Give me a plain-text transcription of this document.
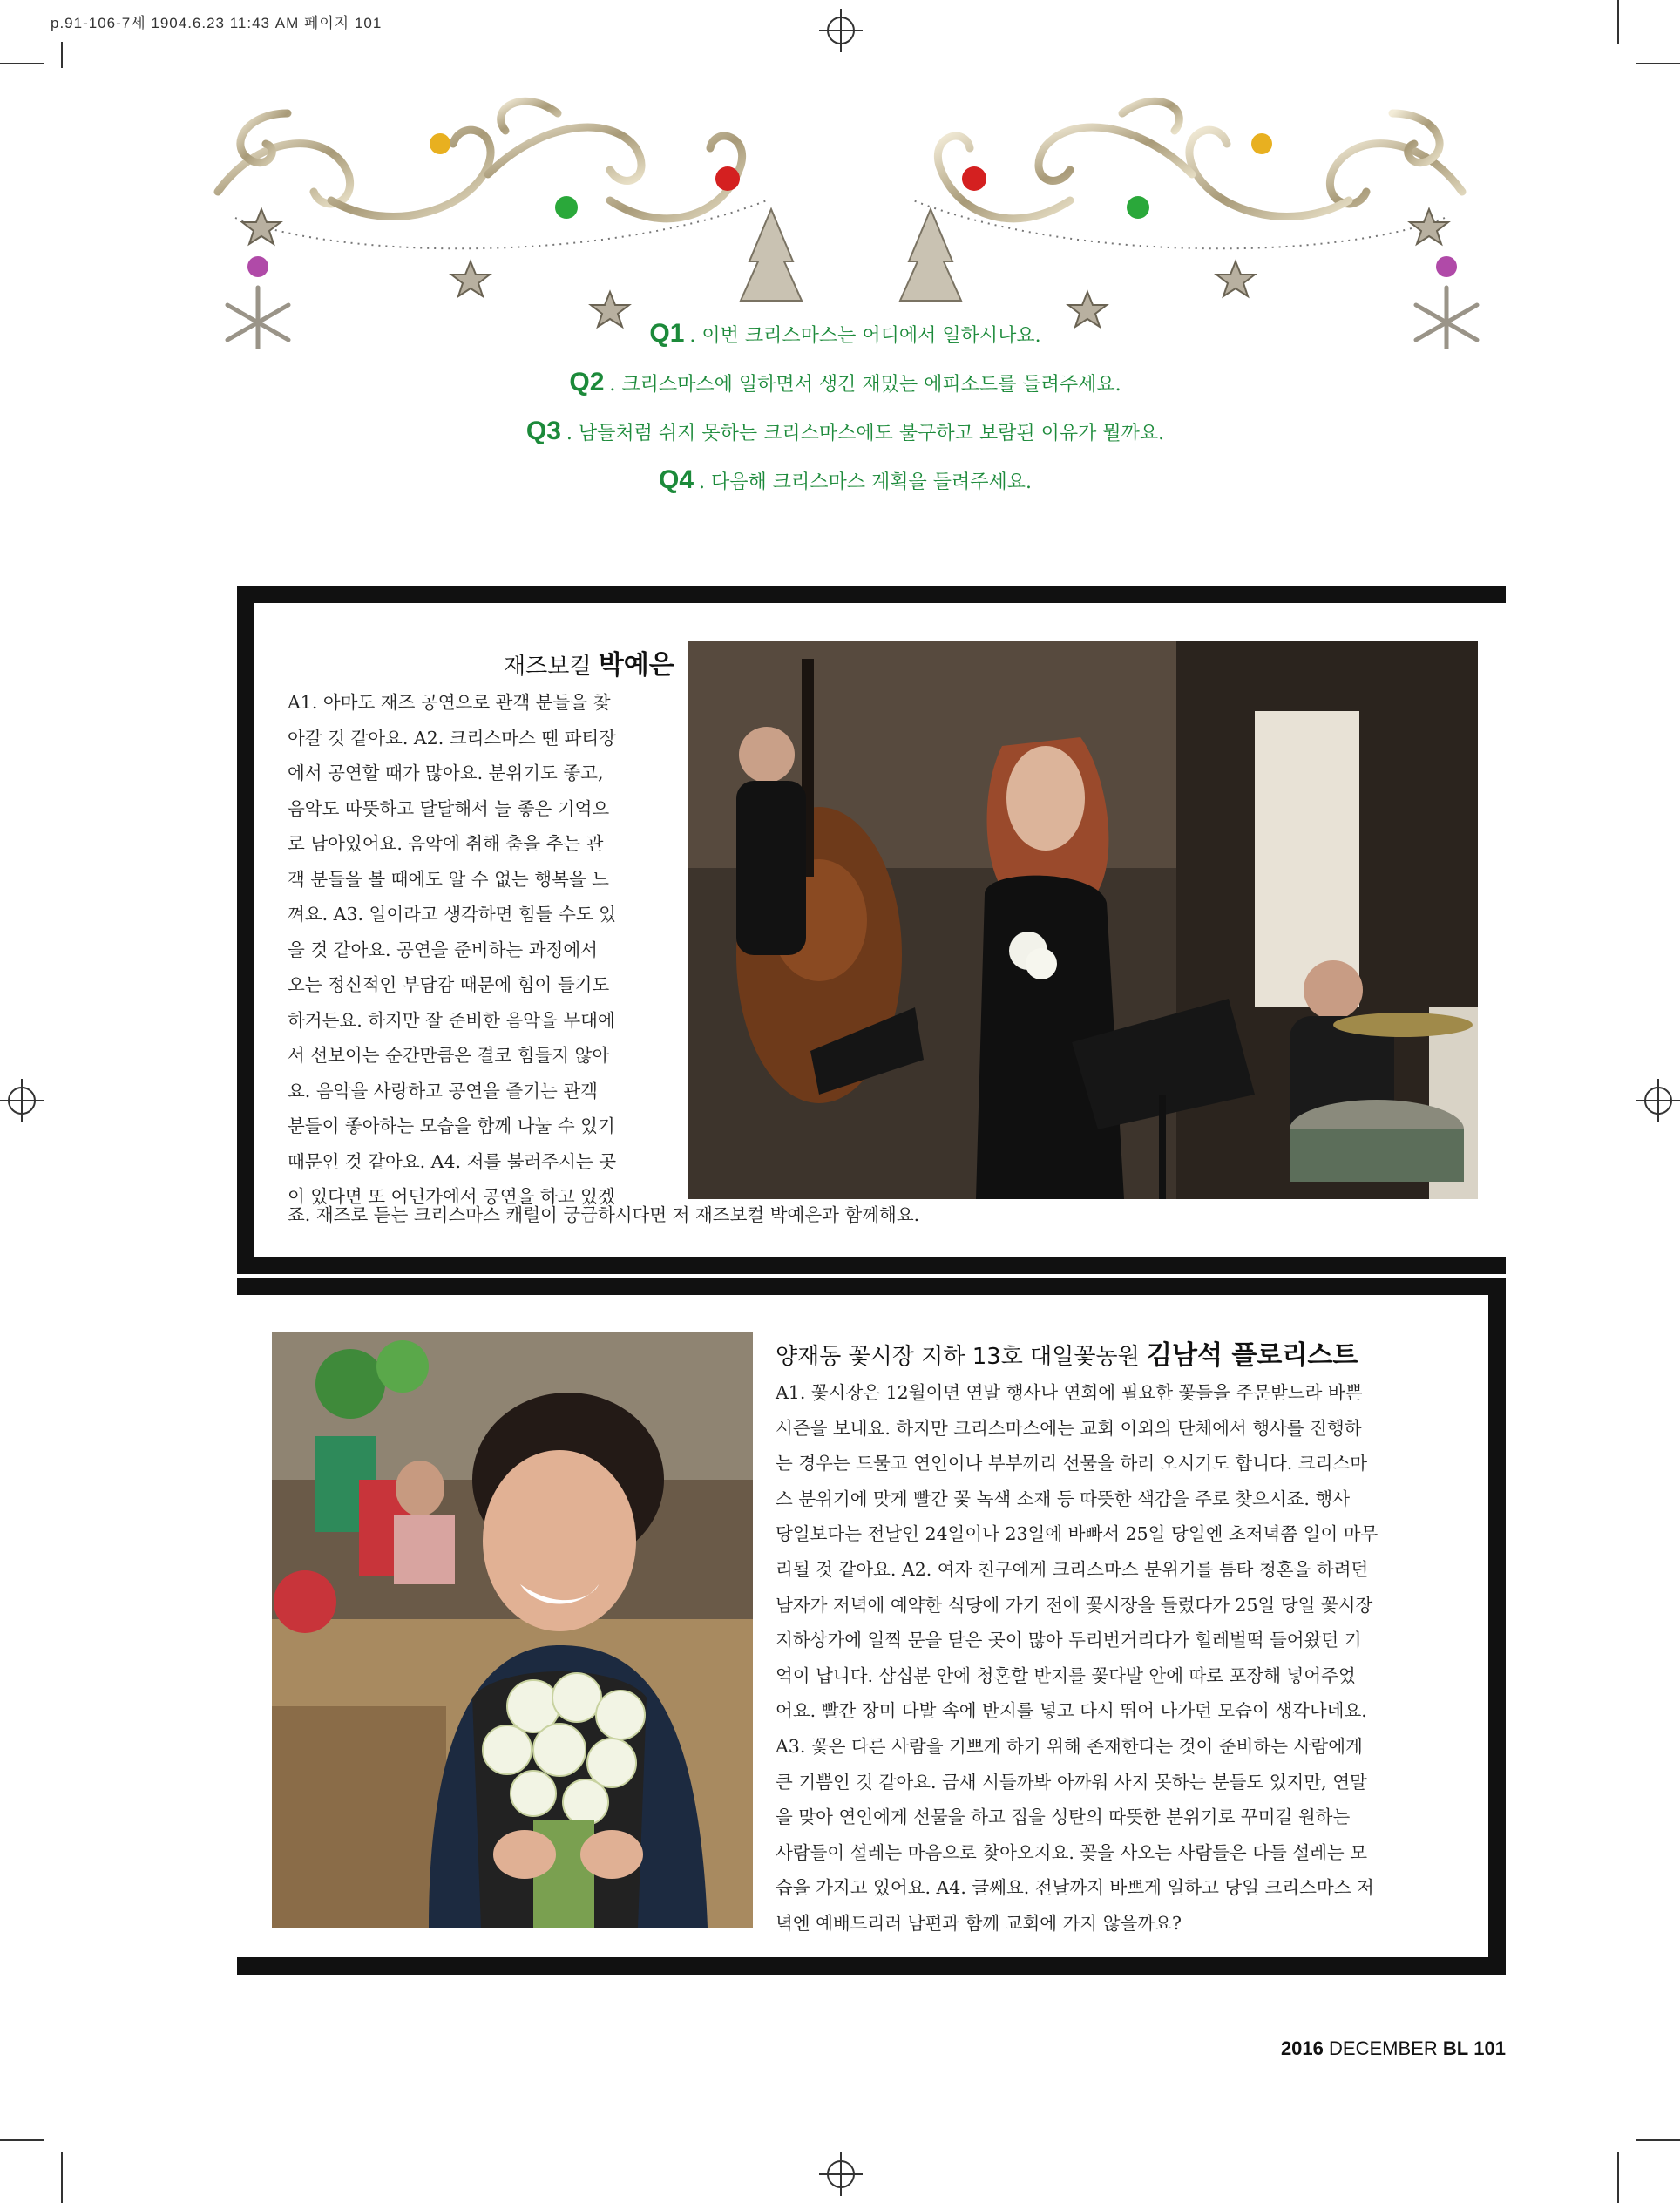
p.91-106-7세 1904.6.23 11:43 AM 페이지 101

Q1 . 이번 크리스마스는 어디에서 일하시나요.

Q2 . 크리스마스에 일하면서 생긴 재밌는 에피소드를 들려주세요.

Q3 . 남들처럼 쉬지 못하는 크리스마스에도 불구하고 보람된 이유가 뭘까요.

Q4 . 다음해 크리스마스 계획을 들려주세요.

재즈보컬 박예은
A1. 아마도 재즈 공연으로 관객 분들을 찾
아갈 것 같아요. A2. 크리스마스 땐 파티장
에서 공연할 때가 많아요. 분위기도 좋고,
음악도 따뜻하고 달달해서 늘 좋은 기억으
로 남아있어요. 음악에 취해 춤을 추는 관
객 분들을 볼 때에도 알 수 없는 행복을 느
껴요. A3. 일이라고 생각하면 힘들 수도 있
을 것 같아요. 공연을 준비하는 과정에서
오는 정신적인 부담감 때문에 힘이 들기도
하거든요. 하지만 잘 준비한 음악을 무대에
서 선보이는 순간만큼은 결코 힘들지 않아
요. 음악을 사랑하고 공연을 즐기는 관객
분들이 좋아하는 모습을 함께 나눌 수 있기
때문인 것 같아요. A4. 저를 불러주시는 곳
이 있다면 또 어딘가에서 공연을 하고 있겠
죠. 재즈로 듣는 크리스마스 캐럴이 궁금하시다면 저 재즈보컬 박예은과 함께해요.
양재동 꽃시장 지하 13호 대일꽃농원 김남석 플로리스트
A1. 꽃시장은 12월이면 연말 행사나 연회에 필요한 꽃들을 주문받느라 바쁜
시즌을 보내요. 하지만 크리스마스에는 교회 이외의 단체에서 행사를 진행하
는 경우는 드물고 연인이나 부부끼리 선물을 하러 오시기도 합니다. 크리스마
스 분위기에 맞게 빨간 꽃 녹색 소재 등 따뜻한 색감을 주로 찾으시죠. 행사
당일보다는 전날인 24일이나 23일에 바빠서 25일 당일엔 초저녁쯤 일이 마무
리될 것 같아요. A2. 여자 친구에게 크리스마스 분위기를 틈타 청혼을 하려던
남자가 저녁에 예약한 식당에 가기 전에 꽃시장을 들렀다가 25일 당일 꽃시장
지하상가에 일찍 문을 닫은 곳이 많아 두리번거리다가 헐레벌떡 들어왔던 기
억이 납니다. 삼십분 안에 청혼할 반지를 꽃다발 안에 따로 포장해 넣어주었
어요. 빨간 장미 다발 속에 반지를 넣고 다시 뛰어 나가던 모습이 생각나네요.
A3. 꽃은 다른 사람을 기쁘게 하기 위해 존재한다는 것이 준비하는 사람에게
큰 기쁨인 것 같아요. 금새 시들까봐 아까워 사지 못하는 분들도 있지만, 연말
을 맞아 연인에게 선물을 하고 집을 성탄의 따뜻한 분위기로 꾸미길 원하는
사람들이 설레는 마음으로 찾아오지요. 꽃을 사오는 사람들은 다들 설레는 모
습을 가지고 있어요. A4. 글쎄요. 전날까지 바쁘게 일하고 당일 크리스마스 저
녁엔 예배드리러 남편과 함께 교회에 가지 않을까요?
2016 DECEMBER BL 101
